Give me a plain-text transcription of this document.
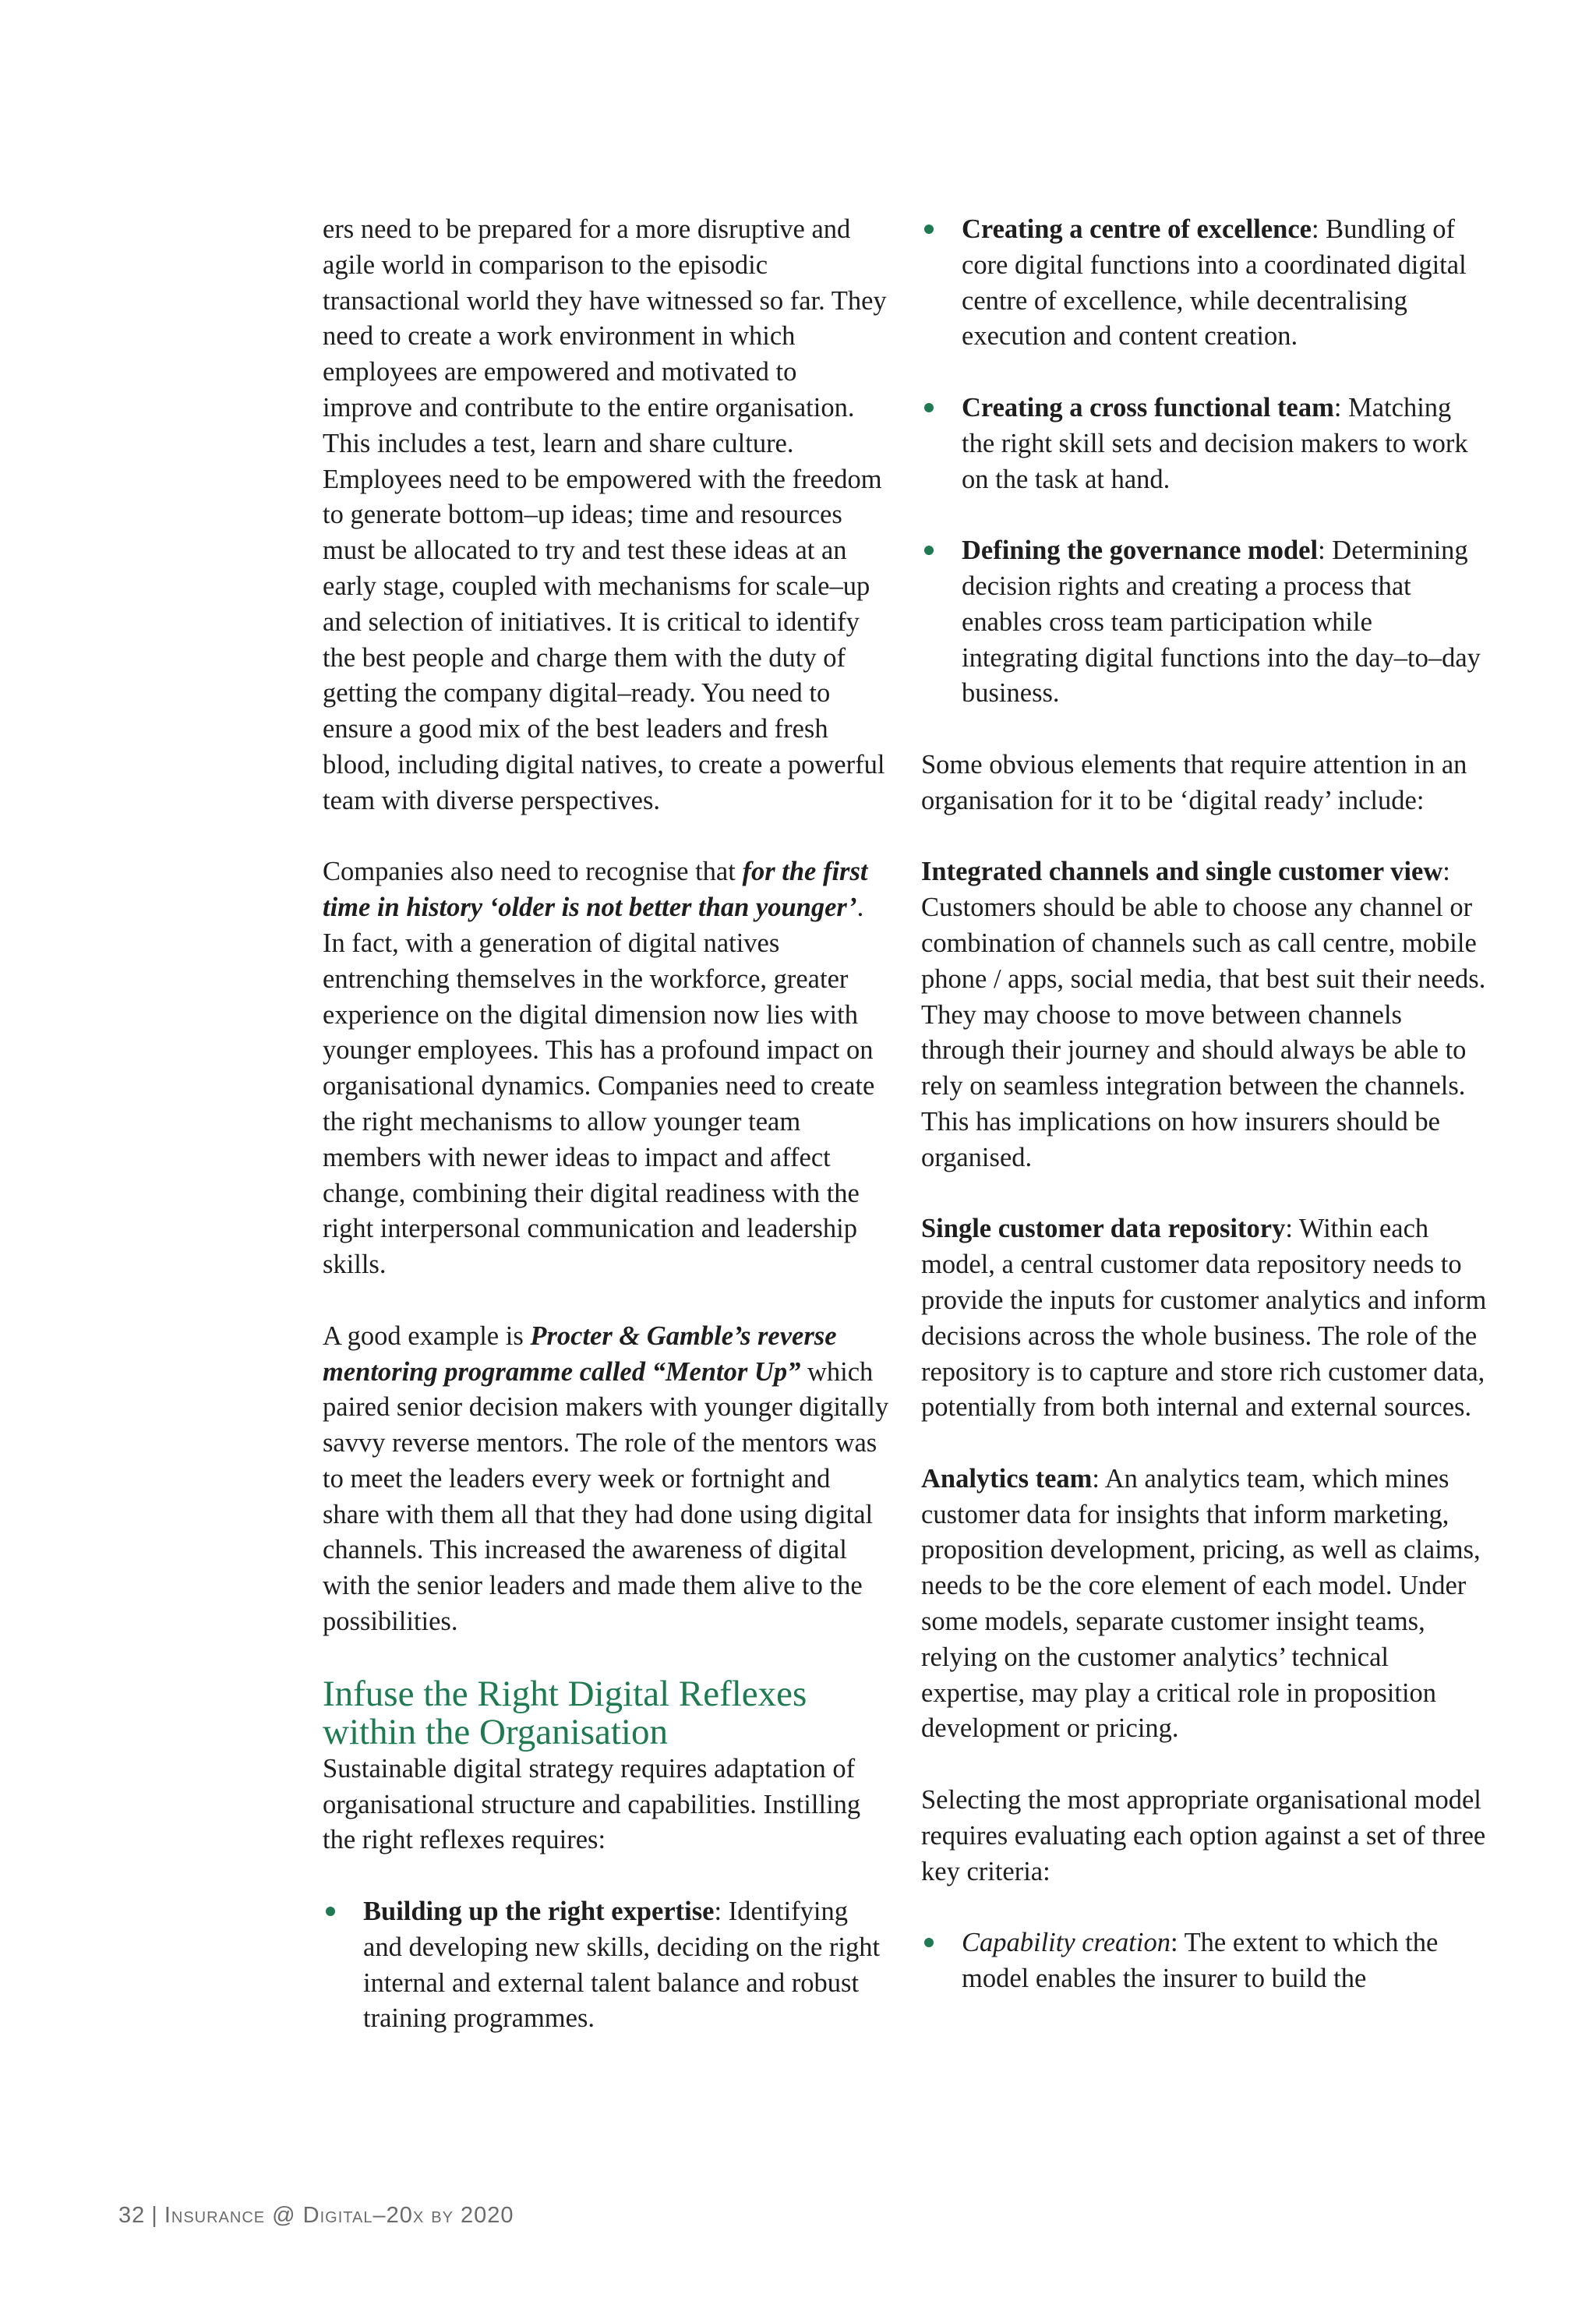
ers need to be prepared for a more disruptive and agile world in comparison to the episodic transactional world they have witnessed so far. They need to create a work environment in which employees are empowered and motivated to improve and contribute to the entire organisation. This includes a test, learn and share culture. Employees need to be empowered with the freedom to generate bottom–up ideas; time and resources must be allocated to try and test these ideas at an early stage, coupled with mechanisms for scale–up and selection of initiatives. It is critical to identify the best people and charge them with the duty of getting the company digital–ready. You need to ensure a good mix of the best leaders and fresh blood, including digital natives, to create a powerful team with diverse perspectives.

Companies also need to recognise that for the first time in history ‘older is not better than younger’. In fact, with a generation of digital natives entrenching themselves in the workforce, greater experience on the digital dimension now lies with younger employees. This has a profound impact on organisational dynamics. Companies need to create the right mechanisms to allow younger team members with newer ideas to impact and affect change, combining their digital readiness with the right interpersonal communication and leadership skills.

A good example is Procter & Gamble’s reverse mentoring programme called “Mentor Up” which paired senior decision makers with younger digitally savvy reverse mentors. The role of the mentors was to meet the leaders every week or fortnight and share with them all that they had done using digital channels. This increased the awareness of digital with the senior leaders and made them alive to the possibilities.

Infuse the Right Digital Reflexes within the Organisation

Sustainable digital strategy requires adaptation of organisational structure and capabilities. Instilling the right reflexes requires:

Building up the right expertise: Identifying and developing new skills, deciding on the right internal and external talent balance and robust training programmes.
Creating a centre of excellence: Bundling of core digital functions into a coordinated digital centre of excellence, while decentralising execution and content creation.
Creating a cross functional team: Matching the right skill sets and decision makers to work on the task at hand.
Defining the governance model: Determining decision rights and creating a process that enables cross team participation while integrating digital functions into the day–to–day business.

Some obvious elements that require attention in an organisation for it to be ‘digital ready’ include:

Integrated channels and single customer view: Customers should be able to choose any channel or combination of channels such as call centre, mobile phone / apps, social media, that best suit their needs. They may choose to move between channels through their journey and should always be able to rely on seamless integration between the channels. This has implications on how insurers should be organised.

Single customer data repository: Within each model, a central customer data repository needs to provide the inputs for customer analytics and inform decisions across the whole business. The role of the repository is to capture and store rich customer data, potentially from both internal and external sources.

Analytics team: An analytics team, which mines customer data for insights that inform marketing, proposition development, pricing, as well as claims, needs to be the core element of each model. Under some models, separate customer insight teams, relying on the customer analytics’ technical expertise, may play a critical role in proposition development or pricing.

Selecting the most appropriate organisational model requires evaluating each option against a set of three key criteria:

Capability creation: The extent to which the model enables the insurer to build the
32 | Insurance @ Digital–20x by 2020
